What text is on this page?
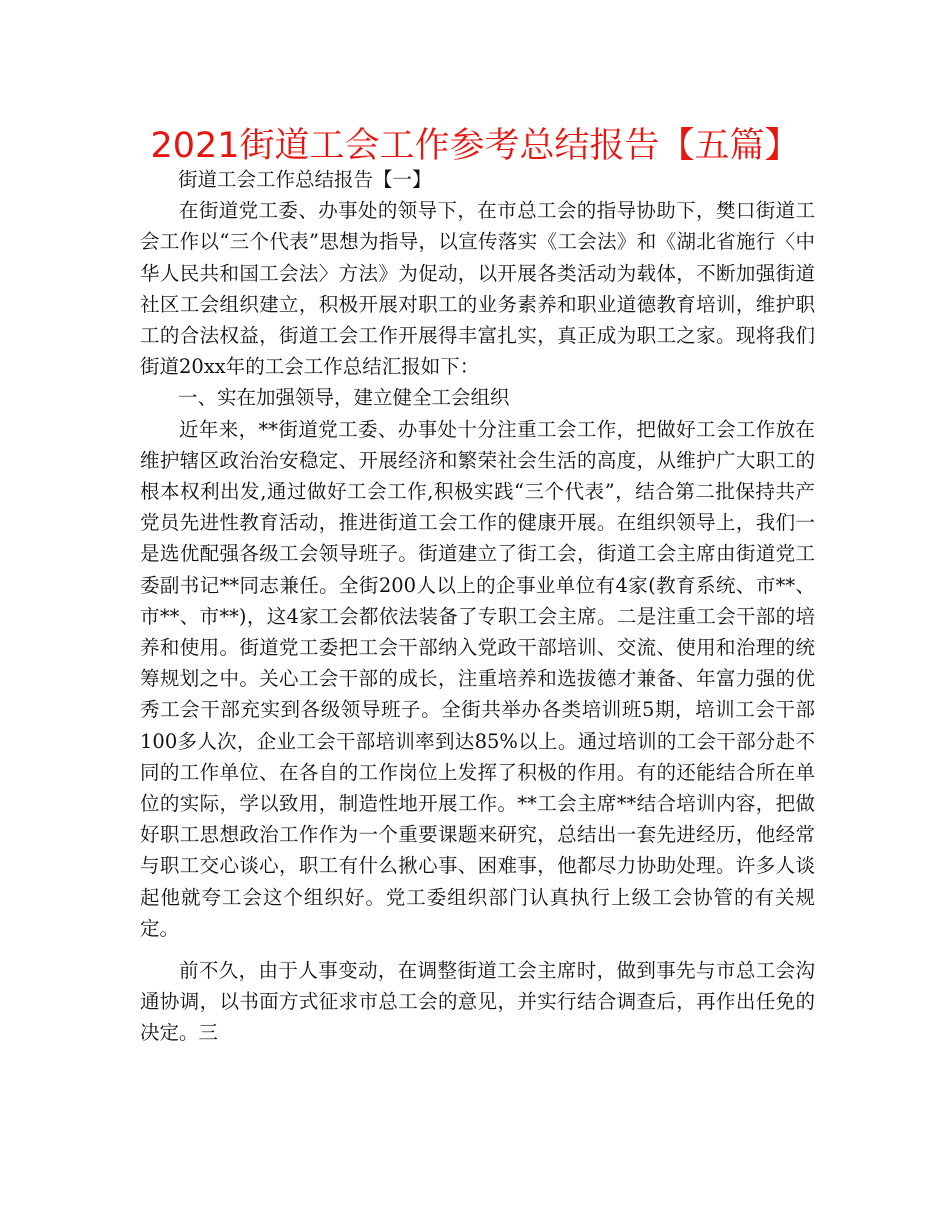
2021街道工会工作参考总结报告【五篇】

街道工会工作总结报告【一】

在街道党工委、办事处的领导下，在市总工会的指导协助下，樊口街道工会工作以“三个代表”思想为指导，以宣传落实《工会法》和《湖北省施行〈中华人民共和国工会法〉方法》为促动，以开展各类活动为载体，不断加强街道社区工会组织建立，积极开展对职工的业务素养和职业道德教育培训，维护职工的合法权益，街道工会工作开展得丰富扎实，真正成为职工之家。现将我们街道20xx年的工会工作总结汇报如下：

一、实在加强领导，建立健全工会组织

近年来，**街道党工委、办事处十分注重工会工作，把做好工会工作放在维护辖区政治治安稳定、开展经济和繁荣社会生活的高度，从维护广大职工的根本权利出发,通过做好工会工作,积极实践“三个代表”，结合第二批保持共产党员先进性教育活动，推进街道工会工作的健康开展。在组织领导上，我们一是选优配强各级工会领导班子。街道建立了街工会，街道工会主席由街道党工委副书记**同志兼任。全街200人以上的企事业单位有4家(教育系统、市**、市**、市**)，这4家工会都依法装备了专职工会主席。二是注重工会干部的培养和使用。街道党工委把工会干部纳入党政干部培训、交流、使用和治理的统筹规划之中。关心工会干部的成长，注重培养和选拔德才兼备、年富力强的优秀工会干部充实到各级领导班子。全街共举办各类培训班5期，培训工会干部100多人次，企业工会干部培训率到达85%以上。通过培训的工会干部分赴不同的工作单位、在各自的工作岗位上发挥了积极的作用。有的还能结合所在单位的实际，学以致用，制造性地开展工作。**工会主席**结合培训内容，把做好职工思想政治工作作为一个重要课题来研究，总结出一套先进经历，他经常与职工交心谈心，职工有什么揪心事、困难事，他都尽力协助处理。许多人谈起他就夸工会这个组织好。党工委组织部门认真执行上级工会协管的有关规定。

前不久，由于人事变动，在调整街道工会主席时，做到事先与市总工会沟通协调，以书面方式征求市总工会的意见，并实行结合调查后，再作出任免的决定。三
